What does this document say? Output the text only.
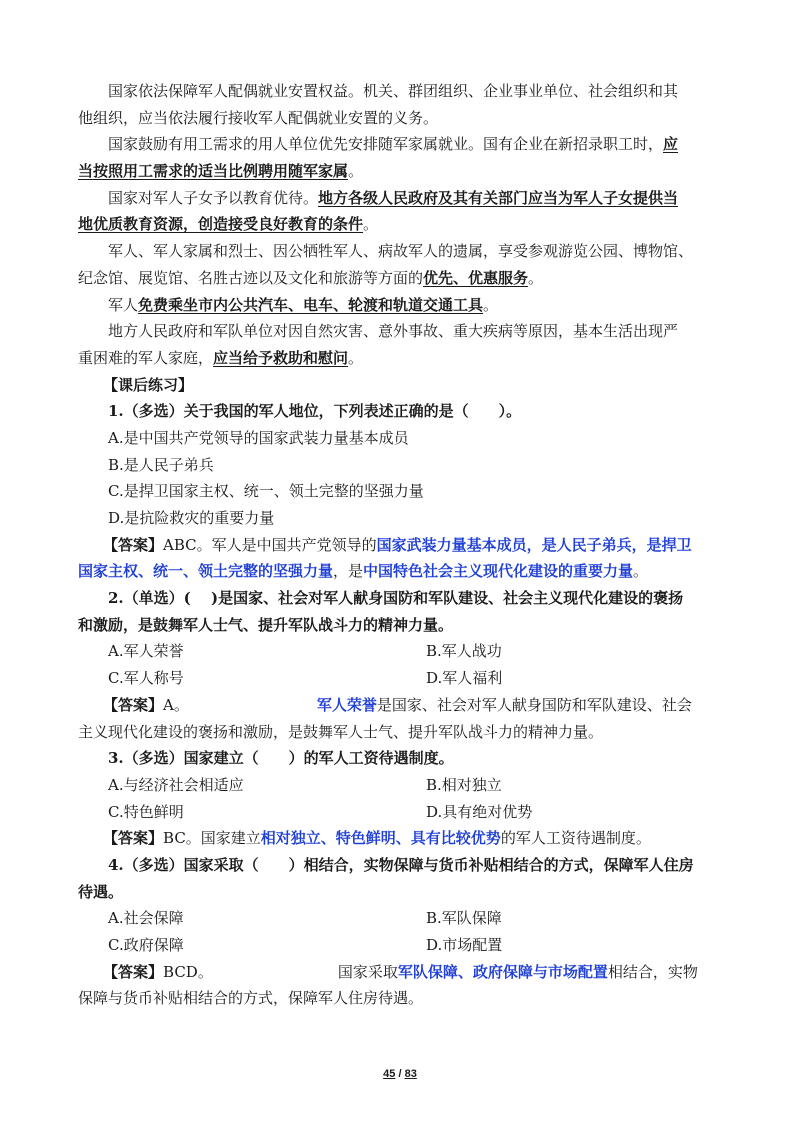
国家依法保障军人配偶就业安置权益。机关、群团组织、企业事业单位、社会组织和其
他组织，应当依法履行接收军人配偶就业安置的义务。
国家鼓励有用工需求的用人单位优先安排随军家属就业。国有企业在新招录职工时，应
当按照用工需求的适当比例聘用随军家属。
国家对军人子女予以教育优待。地方各级人民政府及其有关部门应当为军人子女提供当
地优质教育资源，创造接受良好教育的条件。
军人、军人家属和烈士、因公牺牲军人、病故军人的遗属，享受参观游览公园、博物馆、
纪念馆、展览馆、名胜古迹以及文化和旅游等方面的优先、优惠服务。
军人免费乘坐市内公共汽车、电车、轮渡和轨道交通工具。
地方人民政府和军队单位对因自然灾害、意外事故、重大疾病等原因，基本生活出现严
重困难的军人家庭，应当给予救助和慰问。
【课后练习】
1.（多选）关于我国的军人地位，下列表述正确的是（　　）。
A.是中国共产党领导的国家武装力量基本成员
B.是人民子弟兵
C.是捍卫国家主权、统一、领土完整的坚强力量
D.是抗险救灾的重要力量
【答案】ABC。军人是中国共产党领导的国家武装力量基本成员，是人民子弟兵，是捍卫
国家主权、统一、领土完整的坚强力量，是中国特色社会主义现代化建设的重要力量。
2.（单选）(　 )是国家、社会对军人献身国防和军队建设、社会主义现代化建设的褒扬
和激励，是鼓舞军人士气、提升军队战斗力的精神力量。
A.军人荣誉	B.军人战功
C.军人称号	D.军人福利
【答案】A。	军人荣誉是国家、社会对军人献身国防和军队建设、社会
主义现代化建设的褒扬和激励，是鼓舞军人士气、提升军队战斗力的精神力量。
3.（多选）国家建立（　　）的军人工资待遇制度。
A.与经济社会相适应	B.相对独立
C.特色鲜明	D.具有绝对优势
【答案】BC。国家建立相对独立、特色鲜明、具有比较优势的军人工资待遇制度。
4.（多选）国家采取（　　）相结合，实物保障与货币补贴相结合的方式，保障军人住房
待遇。
A.社会保障	B.军队保障
C.政府保障	D.市场配置
【答案】BCD。	国家采取军队保障、政府保障与市场配置相结合，实物
保障与货币补贴相结合的方式，保障军人住房待遇。
45 / 83
